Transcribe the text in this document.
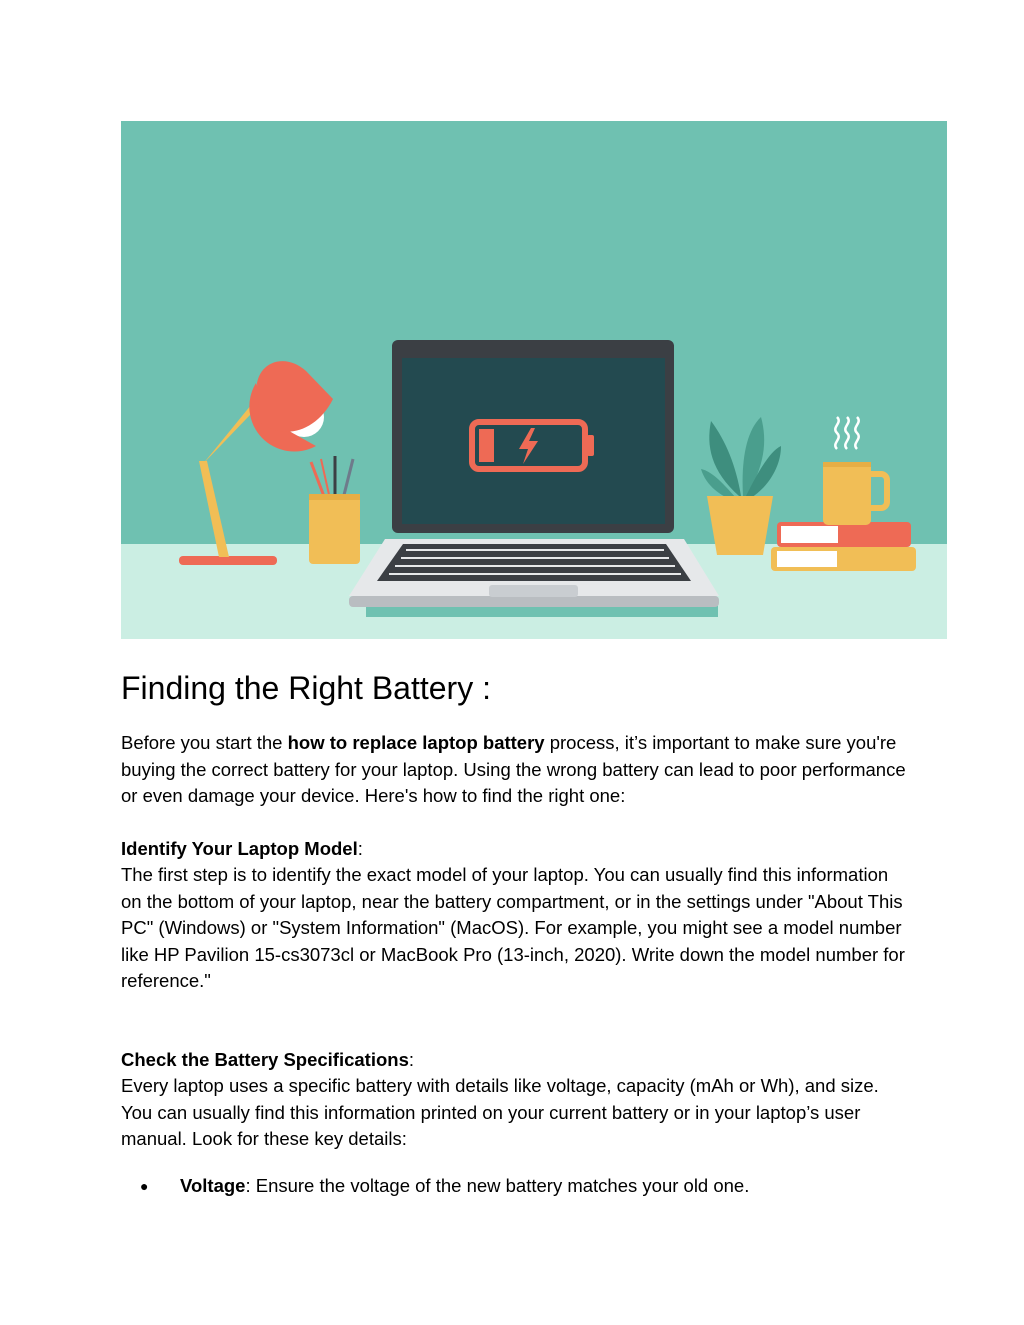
Finding the Right Battery :

Before you start the how to replace laptop battery process, it’s important to make sure you're buying the correct battery for your laptop. Using the wrong battery can lead to poor performance or even damage your device. Here's how to find the right one:

Identify Your Laptop Model:
The first step is to identify the exact model of your laptop. You can usually find this information on the bottom of your laptop, near the battery compartment, or in the settings under "About This PC" (Windows) or "System Information" (MacOS). For example, you might see a model number like HP Pavilion 15-cs3073cl or MacBook Pro (13-inch, 2020). Write down the model number for reference."

Check the Battery Specifications:
Every laptop uses a specific battery with details like voltage, capacity (mAh or Wh), and size. You can usually find this information printed on your current battery or in your laptop’s user manual. Look for these key details:

● Voltage: Ensure the voltage of the new battery matches your old one.
